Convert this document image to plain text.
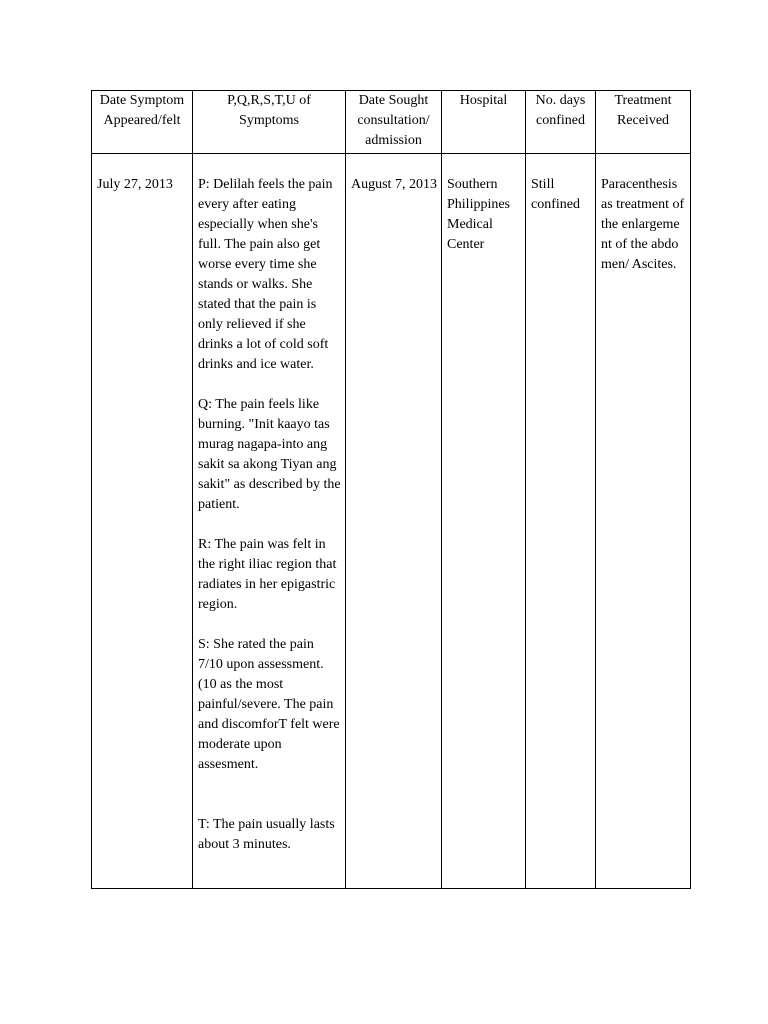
Date Symptom Appeared/felt	P,Q,R,S,T,U of Symptoms	Date Sought consultation/ admission	Hospital	No. days confined	Treatment Received

July 27, 2013	P: Delilah feels the pain every after eating especially when she's full. The pain also get worse every time she stands or walks. She stated that the pain is only relieved if she drinks a lot of cold soft drinks and ice water.

Q: The pain feels like burning. "Init kaayo tas murag nagapa-into ang sakit sa akong Tiyan ang sakit" as described by the patient.

R: The pain was felt in the right iliac region that radiates in her epigastric region.

S: She rated the pain 7/10 upon assessment. (10 as the most painful/severe. The pain and discomforT felt were moderate upon assesment.

T: The pain usually lasts about 3 minutes.	August 7, 2013	Southern Philippines Medical Center	Still confined	Paracenthesis as treatment of the enlargement of the abdomen/ Ascites.
